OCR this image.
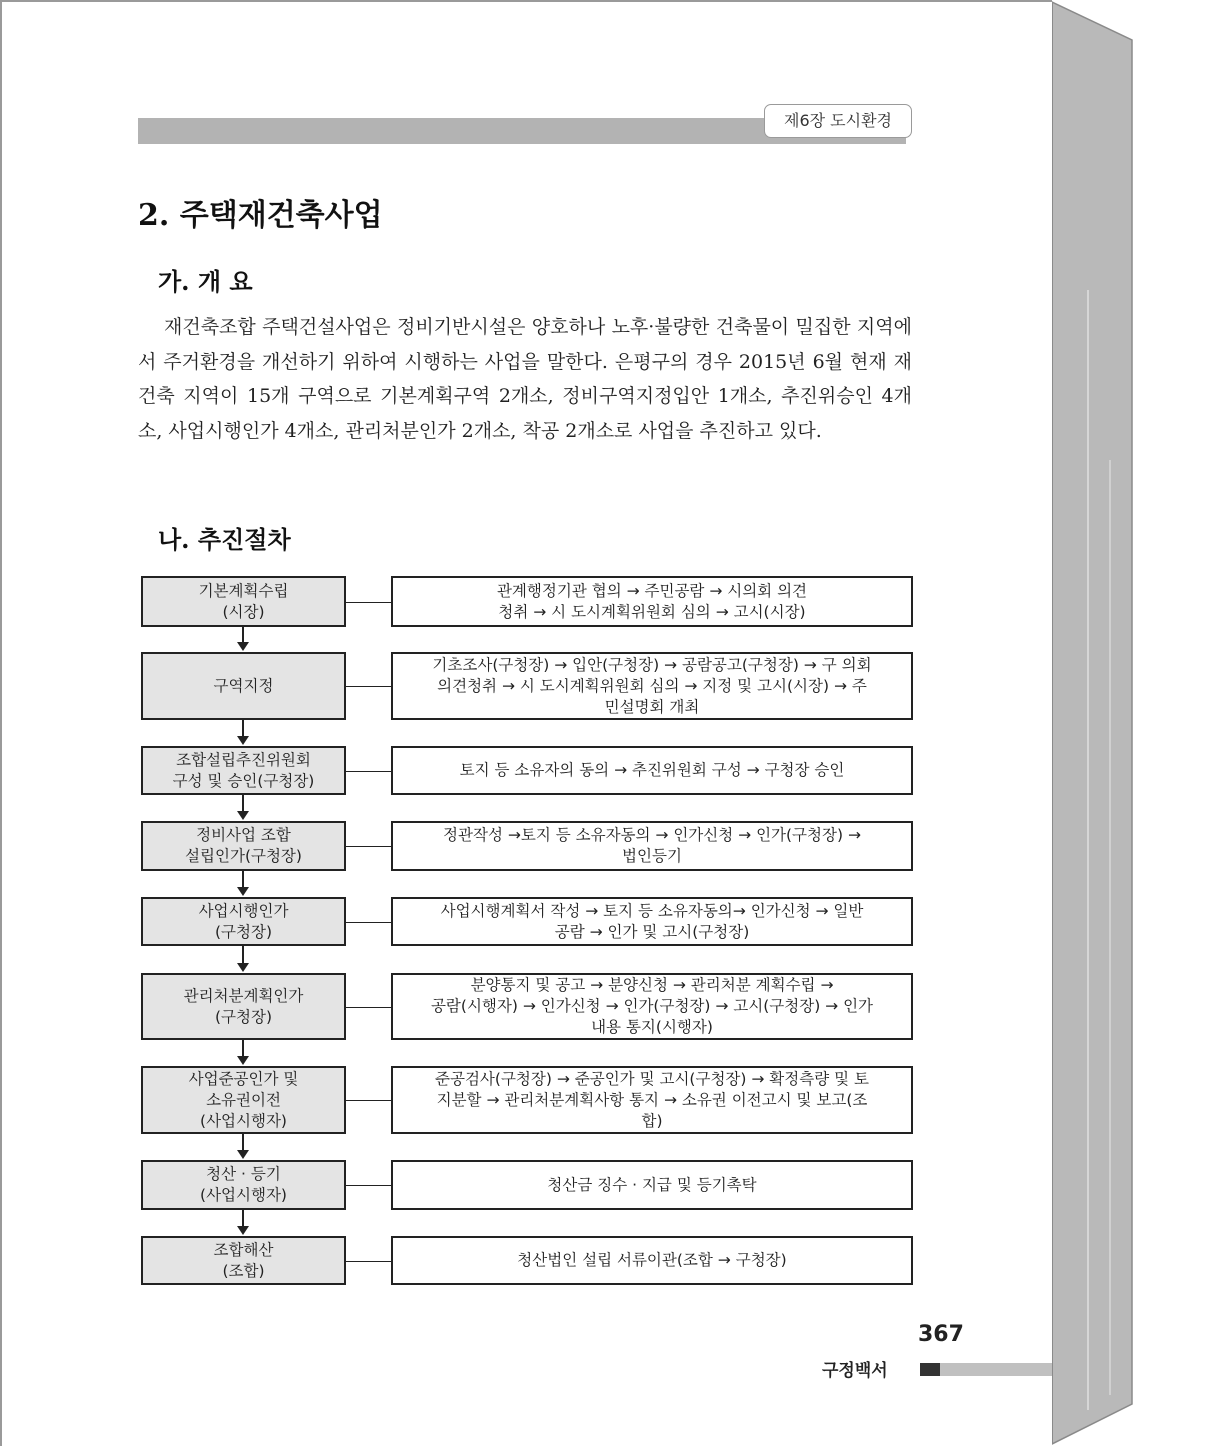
제6장 도시환경
2. 주택재건축사업
가. 개 요

재건축조합 주택건설사업은 정비기반시설은 양호하나 노후·불량한 건축물이 밀집한 지역에서 주거환경을 개선하기 위하여 시행하는 사업을 말한다. 은평구의 경우 2015년 6월 현재 재건축 지역이 15개 구역으로 기본계획구역 2개소, 정비구역지정입안 1개소, 추진위승인 4개소, 사업시행인가 4개소, 관리처분인가 2개소, 착공 2개소로 사업을 추진하고 있다.

나. 추진절차
기본계획수립
(시장)
관계행정기관 협의 → 주민공람 → 시의회 의견
청취 → 시 도시계획위원회 심의 → 고시(시장)
구역지정
기초조사(구청장) → 입안(구청장) → 공람공고(구청장) → 구 의회
의견청취 → 시 도시계획위원회 심의 → 지정 및 고시(시장) → 주
민설명회 개최
조합설립추진위원회
구성 및 승인(구청장)
토지 등 소유자의 동의 → 추진위원회 구성 → 구청장 승인
정비사업 조합
설립인가(구청장)
정관작성 →토지 등 소유자동의 → 인가신청 → 인가(구청장) →
법인등기
사업시행인가
(구청장)
사업시행계획서 작성 → 토지 등 소유자동의→ 인가신청 → 일반
공람 → 인가 및 고시(구청장)
관리처분계획인가
(구청장)
분양통지 및 공고 → 분양신청 → 관리처분 계획수립 →
공람(시행자) → 인가신청 → 인가(구청장) → 고시(구청장) → 인가
내용 통지(시행자)
사업준공인가 및
소유권이전
(사업시행자)
준공검사(구청장) → 준공인가 및 고시(구청장) → 확정측량 및 토
지분할 → 관리처분계획사항 통지 → 소유권 이전고시 및 보고(조
합)
청산 · 등기
(사업시행자)
청산금 징수 · 지급 및 등기촉탁
조합해산
(조합)
청산법인 설립 서류이관(조합 → 구청장)
367
구정백서
